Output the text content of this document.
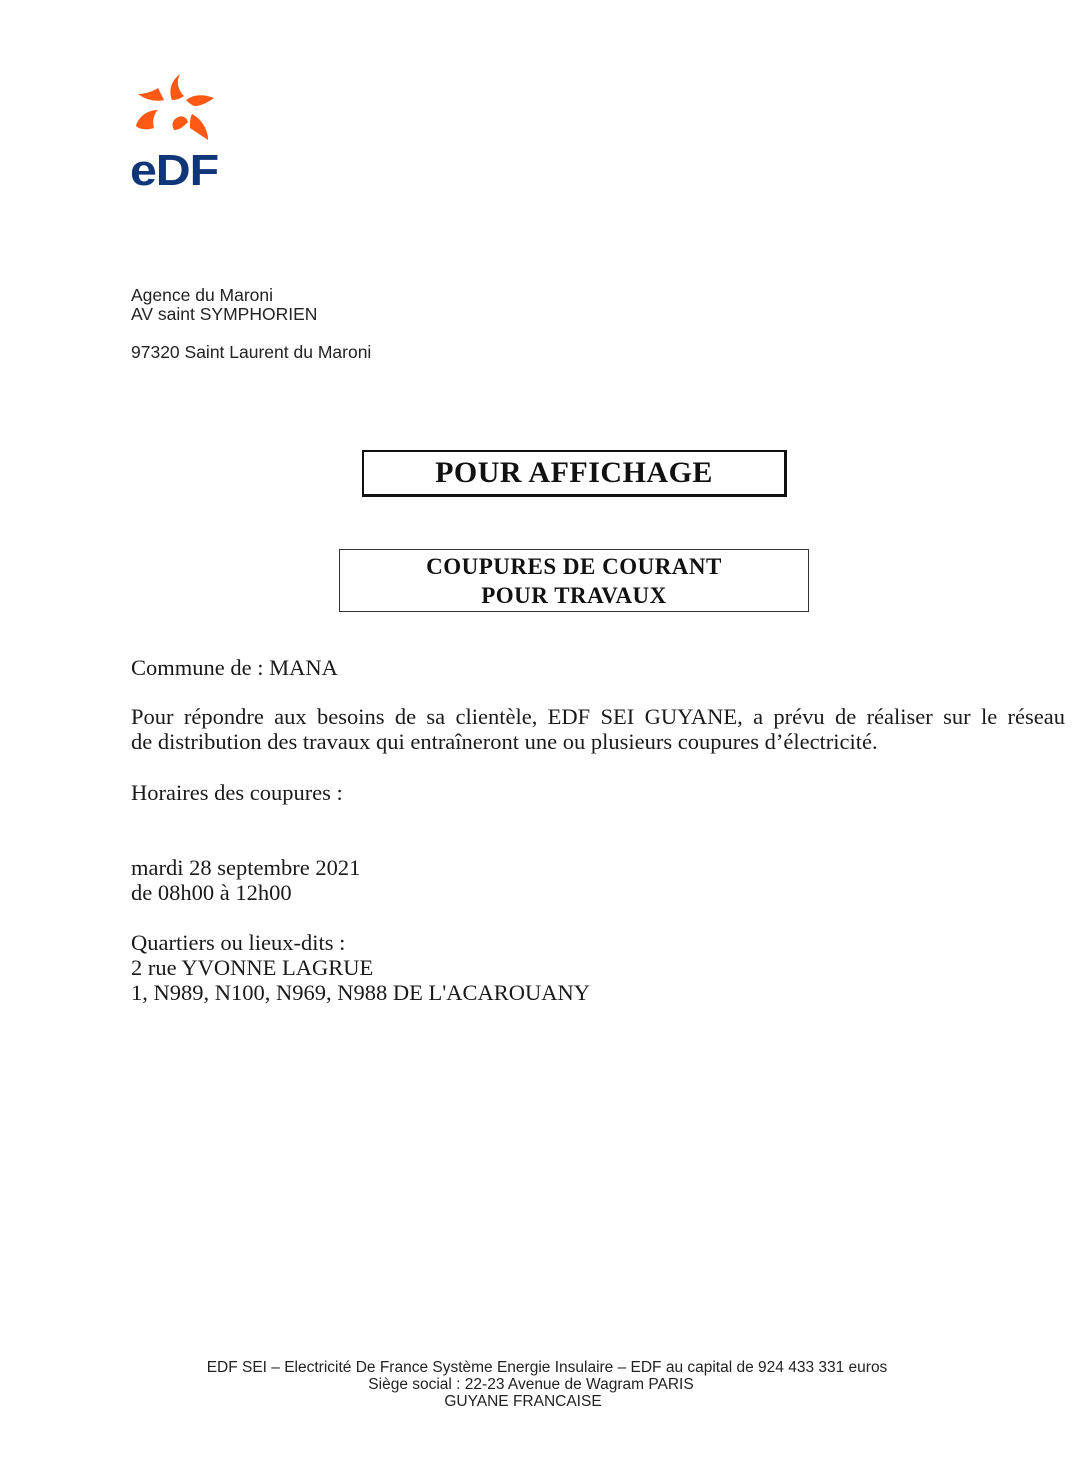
eDF
Agence du Maroni
AV saint SYMPHORIEN
97320 Saint Laurent du Maroni
POUR AFFICHAGE
COUPURES DE COURANT
POUR TRAVAUX
Commune de : MANA
Pour répondre aux besoins de sa clientèle, EDF SEI GUYANE, a prévu de réaliser sur le réseau
de distribution des travaux qui entraîneront une ou plusieurs coupures d’électricité.
Horaires des coupures :
mardi 28 septembre 2021
de 08h00 à 12h00
Quartiers ou lieux-dits :
2 rue YVONNE LAGRUE
1, N989, N100, N969, N988 DE L'ACAROUANY
EDF SEI – Electricité De France Système Energie Insulaire – EDF au capital de 924 433 331 euros
Siège social : 22-23 Avenue de Wagram PARIS
GUYANE FRANCAISE
